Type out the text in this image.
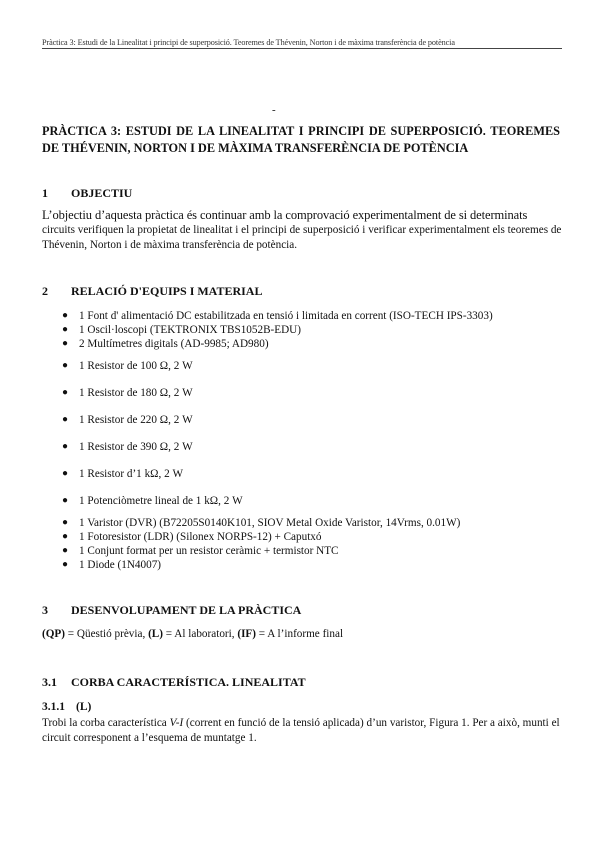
Pràctica 3: Estudi de la Linealitat i principi de superposició. Teoremes de Thévenin, Norton i de màxima transferència de potència
-
PRÀCTICA 3: ESTUDI DE LA LINEALITAT I PRINCIPI DE SUPERPOSICIÓ. TEOREMES DE THÉVENIN, NORTON I DE MÀXIMA TRANSFERÈNCIA DE POTÈNCIA
1 OBJECTIU
L’objectiu d’aquesta pràctica és continuar amb la comprovació experimentalment de si determinats
circuits verifiquen la propietat de linealitat i el principi de superposició i verificar experimentalment els teoremes de Thévenin, Norton i de màxima transferència de potència.
2 RELACIÓ D'EQUIPS I MATERIAL
● 1 Font d' alimentació DC estabilitzada en tensió i limitada en corrent (ISO-TECH IPS-3303)
● 1 Oscil·loscopi (TEKTRONIX TBS1052B-EDU)
● 2 Multímetres digitals (AD-9985; AD980)
● 1 Resistor de 100 Ω, 2 W
● 1 Resistor de 180 Ω, 2 W
● 1 Resistor de 220 Ω, 2 W
● 1 Resistor de 390 Ω, 2 W
● 1 Resistor d’1 kΩ, 2 W
● 1 Potenciòmetre lineal de 1 kΩ, 2 W
● 1 Varistor (DVR) (B72205S0140K101, SIOV Metal Oxide Varistor, 14Vrms, 0.01W)
● 1 Fotoresistor (LDR) (Silonex NORPS-12) + Caputxó
● 1 Conjunt format per un resistor ceràmic + termistor NTC
● 1 Diode (1N4007)
3 DESENVOLUPAMENT DE LA PRÀCTICA
(QP) = Qüestió prèvia, (L) = Al laboratori, (IF) = A l’informe final
3.1 CORBA CARACTERÍSTICA. LINEALITAT
3.1.1 (L)
Trobi la corba característica V-I (corrent en funció de la tensió aplicada) d’un varistor, Figura 1. Per a això, munti el circuit corresponent a l’esquema de muntatge 1.
